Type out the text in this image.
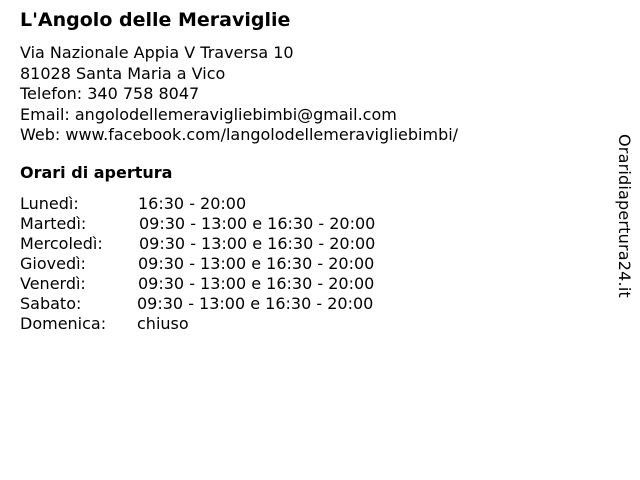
L'Angolo delle Meraviglie
Via Nazionale Appia V Traversa 10
81028 Santa Maria a Vico
Telefon: 340 758 8047
Email: angolodellemeravigliebimbi@gmail.com
Web: www.facebook.com/langolodellemeravigliebimbi/
Orari di apertura
Lunedì:	16:30 - 20:00
Martedì:	09:30 - 13:00 e 16:30 - 20:00
Mercoledì: 09:30 - 13:00 e 16:30 - 20:00
Giovedì:	09:30 - 13:00 e 16:30 - 20:00
Venerdì:	09:30 - 13:00 e 16:30 - 20:00
Sabato:	09:30 - 13:00 e 16:30 - 20:00
Domenica: chiuso
Oraridiapertura24.it
